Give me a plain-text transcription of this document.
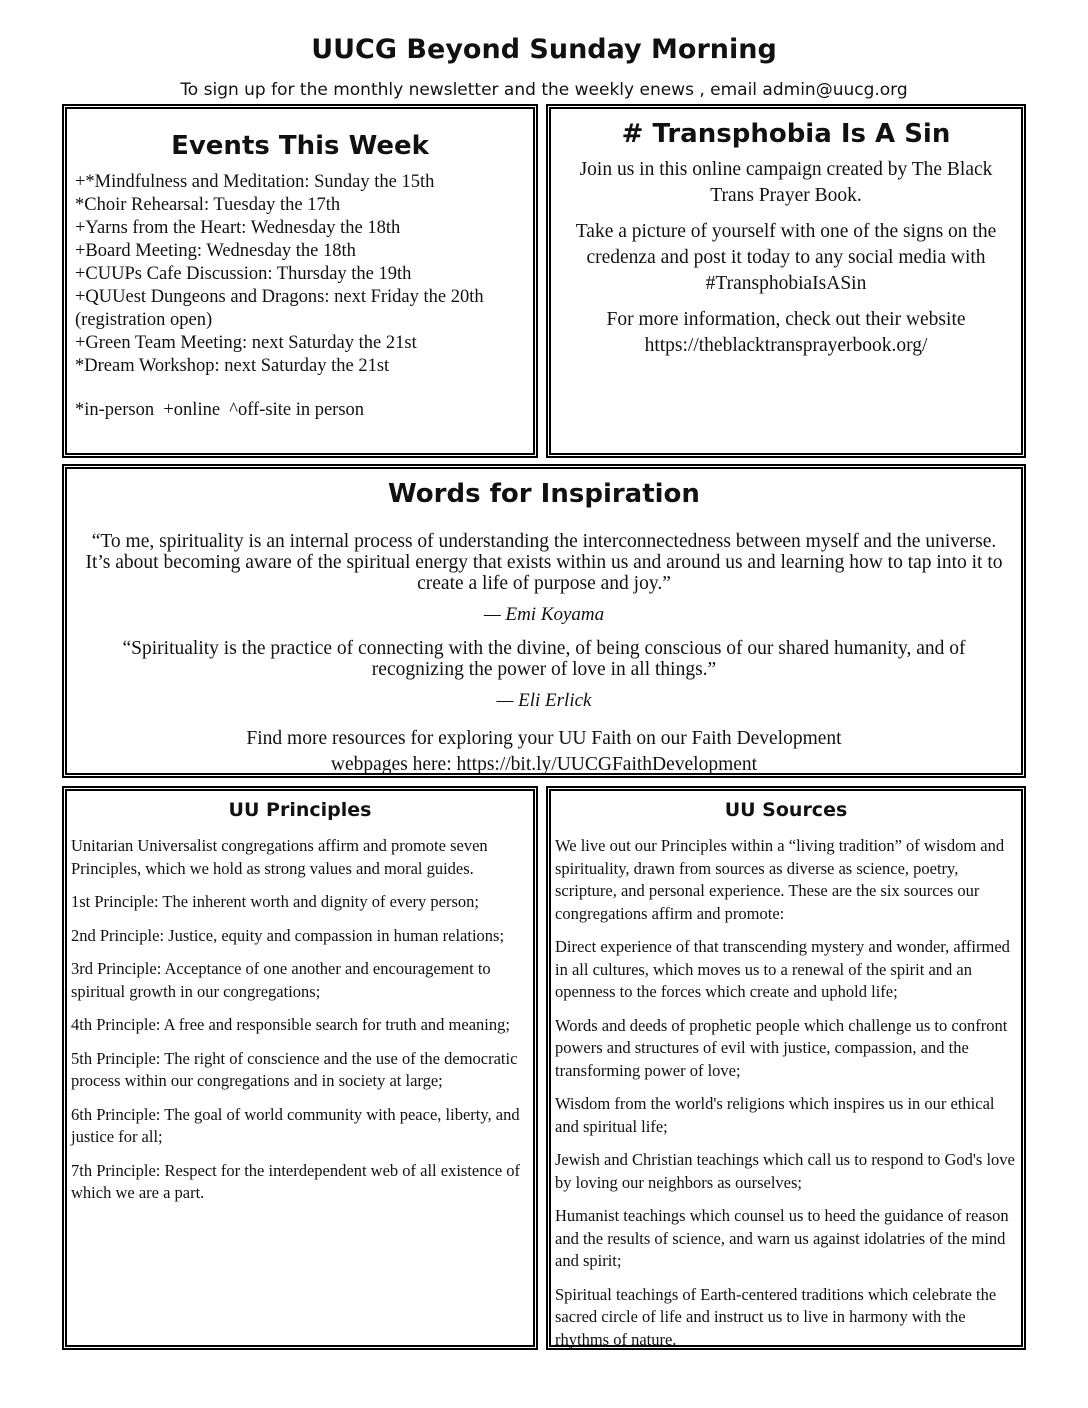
UUCG Beyond Sunday Morning
To sign up for the monthly newsletter and the weekly enews , email admin@uucg.org
Events This Week
+*Mindfulness and Meditation: Sunday the 15th
*Choir Rehearsal: Tuesday the 17th
+Yarns from the Heart: Wednesday the 18th
+Board Meeting: Wednesday the 18th
+CUUPs Cafe Discussion: Thursday the 19th
+QUUest Dungeons and Dragons: next Friday the 20th (registration open)
+Green Team Meeting: next Saturday the 21st
*Dream Workshop: next Saturday the 21st
*in-person  +online  ^off-site in person
# Transphobia Is A Sin

Join us in this online campaign created by The Black Trans Prayer Book.

Take a picture of yourself with one of the signs on the credenza and post it today to any social media with #TransphobiaIsASin

For more information, check out their website https://theblacktransprayerbook.org/

Words for Inspiration

“To me, spirituality is an internal process of understanding the interconnectedness between myself and the universe. It’s about becoming aware of the spiritual energy that exists within us and around us and learning how to tap into it to create a life of purpose and joy.”

— Emi Koyama

“Spirituality is the practice of connecting with the divine, of being conscious of our shared humanity, and of recognizing the power of love in all things.”

— Eli Erlick

Find more resources for exploring your UU Faith on our Faith Development webpages here: https://bit.ly/UUCGFaithDevelopment

UU Principles

Unitarian Universalist congregations affirm and promote seven Principles, which we hold as strong values and moral guides.

1st Principle: The inherent worth and dignity of every person;

2nd Principle: Justice, equity and compassion in human relations;

3rd Principle: Acceptance of one another and encouragement to spiritual growth in our congregations;

4th Principle: A free and responsible search for truth and meaning;

5th Principle: The right of conscience and the use of the democratic process within our congregations and in society at large;

6th Principle: The goal of world community with peace, liberty, and justice for all;

7th Principle: Respect for the interdependent web of all existence of which we are a part.

UU Sources

We live out our Principles within a “living tradition” of wisdom and spirituality, drawn from sources as diverse as science, poetry, scripture, and personal experience. These are the six sources our congregations affirm and promote:

Direct experience of that transcending mystery and wonder, affirmed in all cultures, which moves us to a renewal of the spirit and an openness to the forces which create and uphold life;

Words and deeds of prophetic people which challenge us to confront powers and structures of evil with justice, compassion, and the transforming power of love;

Wisdom from the world's religions which inspires us in our ethical and spiritual life;

Jewish and Christian teachings which call us to respond to God's love by loving our neighbors as ourselves;

Humanist teachings which counsel us to heed the guidance of reason and the results of science, and warn us against idolatries of the mind and spirit;

Spiritual teachings of Earth-centered traditions which celebrate the sacred circle of life and instruct us to live in harmony with the rhythms of nature.
